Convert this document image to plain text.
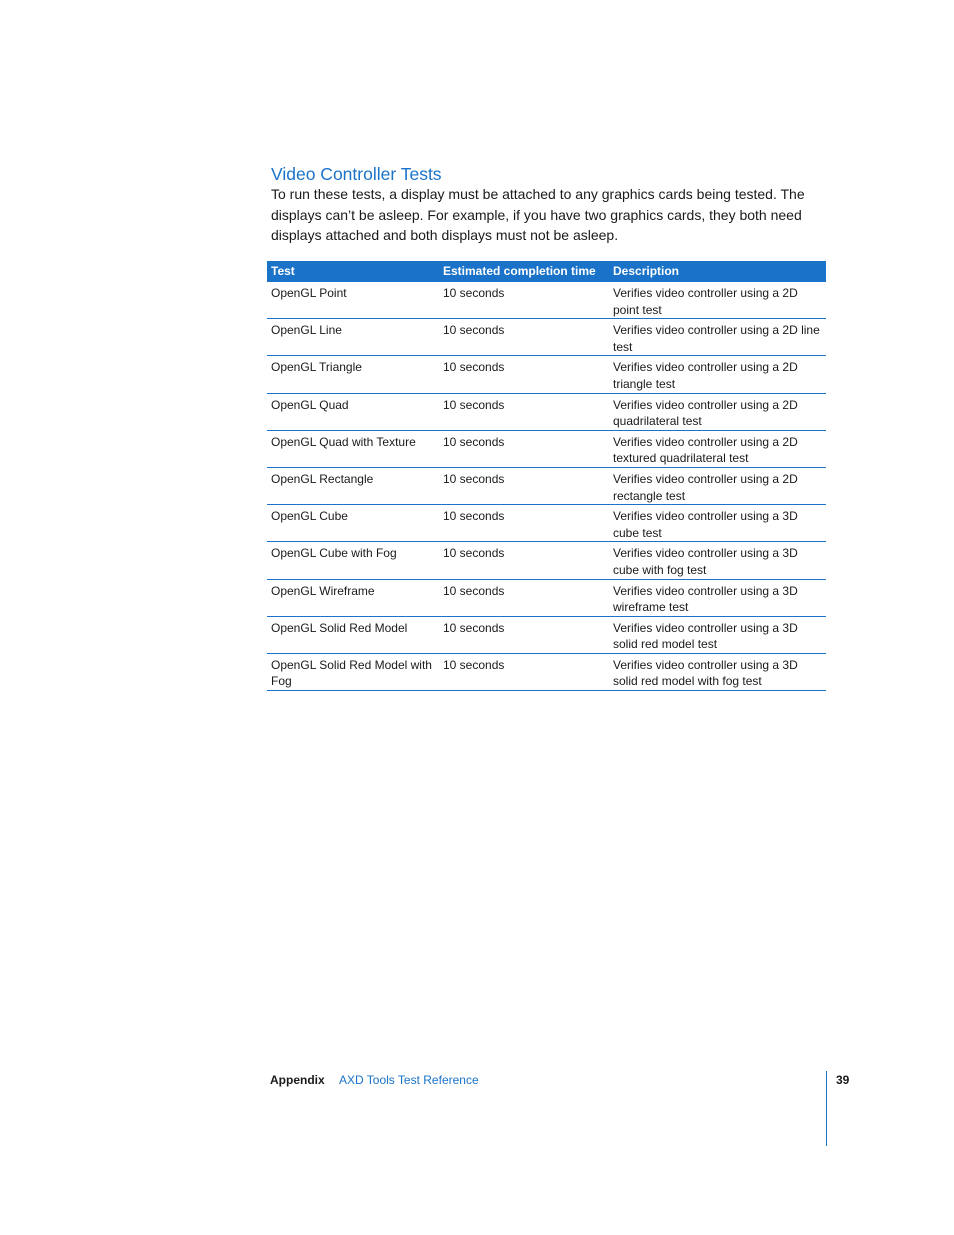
Video Controller Tests

To run these tests, a display must be attached to any graphics cards being tested. The displays can’t be asleep. For example, if you have two graphics cards, they both need displays attached and both displays must not be asleep.

Test	Estimated completion time	Description
OpenGL Point	10 seconds	Verifies video controller using a 2D point test
OpenGL Line	10 seconds	Verifies video controller using a 2D line test
OpenGL Triangle	10 seconds	Verifies video controller using a 2D triangle test
OpenGL Quad	10 seconds	Verifies video controller using a 2D quadrilateral test
OpenGL Quad with Texture	10 seconds	Verifies video controller using a 2D textured quadrilateral test
OpenGL Rectangle	10 seconds	Verifies video controller using a 2D rectangle test
OpenGL Cube	10 seconds	Verifies video controller using a 3D cube test
OpenGL Cube with Fog	10 seconds	Verifies video controller using a 3D cube with fog test
OpenGL Wireframe	10 seconds	Verifies video controller using a 3D wireframe test
OpenGL Solid Red Model	10 seconds	Verifies video controller using a 3D solid red model test
OpenGL Solid Red Model with Fog	10 seconds	Verifies video controller using a 3D solid red model with fog test
Appendix AXD Tools Test Reference	39
